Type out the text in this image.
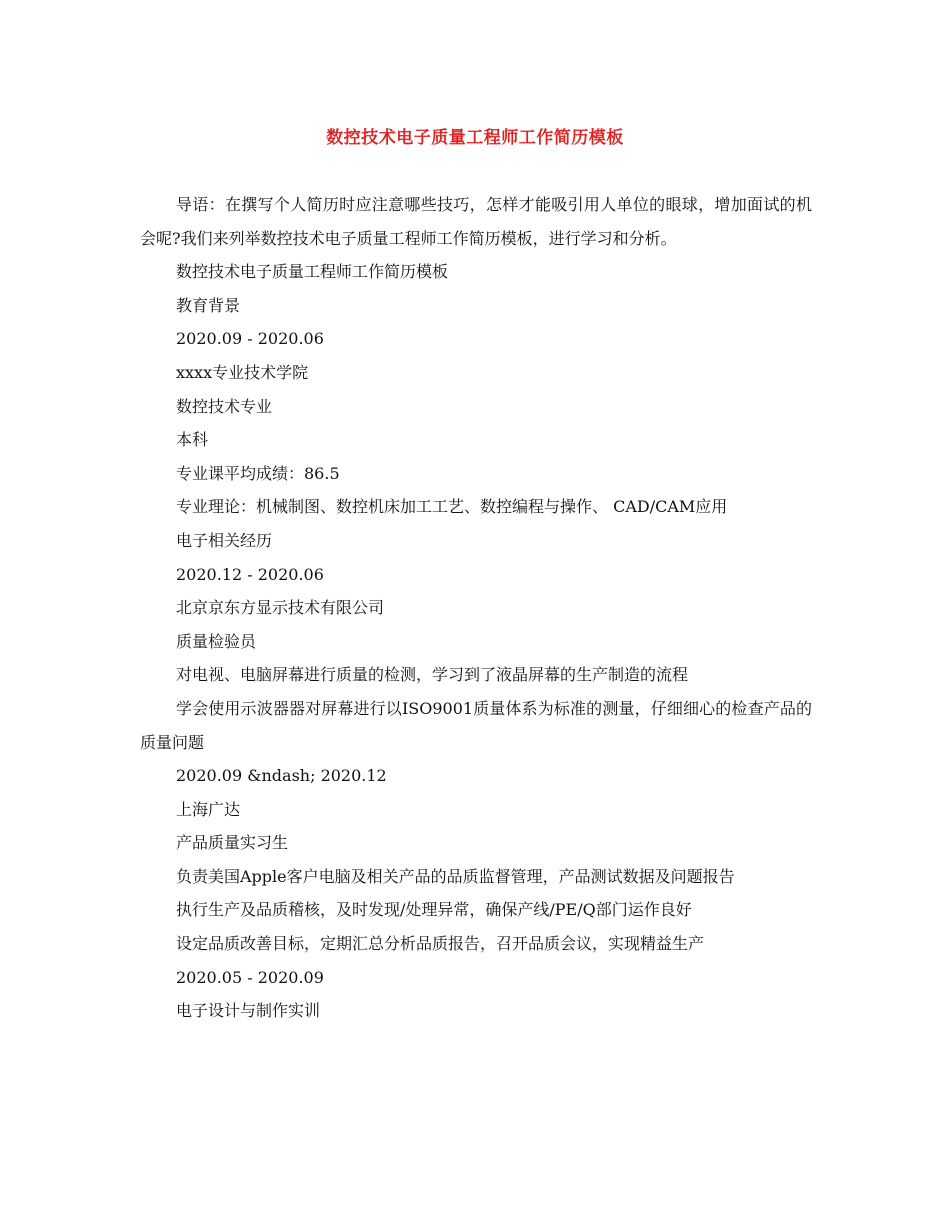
数控技术电子质量工程师工作简历模板

导语：在撰写个人简历时应注意哪些技巧，怎样才能吸引用人单位的眼球，增加面试的机会呢?我们来列举数控技术电子质量工程师工作简历模板，进行学习和分析。

数控技术电子质量工程师工作简历模板

教育背景

2020.09 - 2020.06

xxxx专业技术学院

数控技术专业

本科

专业课平均成绩：86.5

专业理论：机械制图、数控机床加工工艺、数控编程与操作、 CAD/CAM应用

电子相关经历

2020.12 - 2020.06

北京京东方显示技术有限公司

质量检验员

对电视、电脑屏幕进行质量的检测，学习到了液晶屏幕的生产制造的流程

学会使用示波器器对屏幕进行以ISO9001质量体系为标准的测量，仔细细心的检查产品的质量问题

2020.09 &ndash; 2020.12

上海广达

产品质量实习生

负责美国Apple客户电脑及相关产品的品质监督管理，产品测试数据及问题报告

执行生产及品质稽核，及时发现/处理异常，确保产线/PE/Q部门运作良好

设定品质改善目标，定期汇总分析品质报告，召开品质会议，实现精益生产

2020.05 - 2020.09

电子设计与制作实训
